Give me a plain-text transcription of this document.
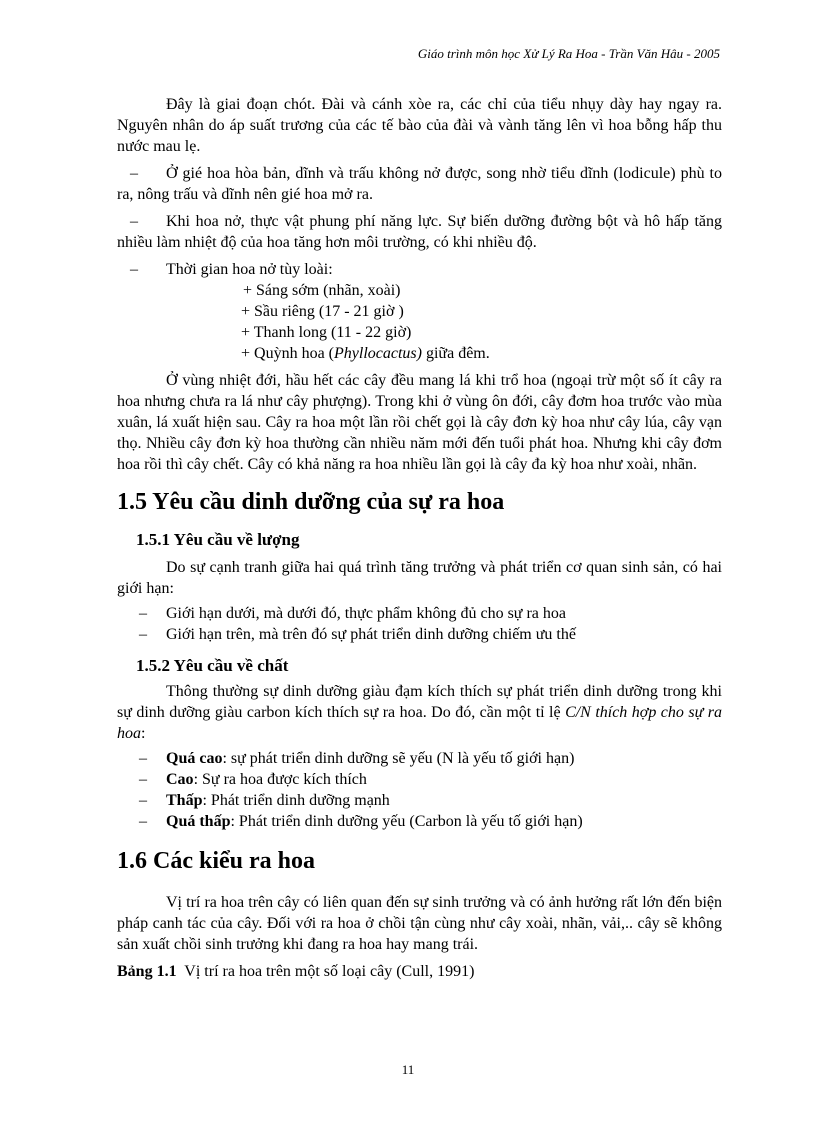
Giáo trình môn học Xử Lý Ra Hoa - Trần Văn Hâu - 2005

Đây là giai đoạn chót. Đài và cánh xòe ra, các chỉ của tiểu nhụy dày hay ngay ra. Nguyên nhân do áp suất trương của các tế bào của đài và vành tăng lên vì hoa bỗng hấp thu nước mau lẹ.

– Ở gié hoa hòa bản, dĩnh và trấu không nở được, song nhờ tiểu dĩnh (lodicule) phù to ra, nông trấu và dĩnh nên gié hoa mở ra.

– Khi hoa nở, thực vật phung phí năng lực. Sự biến dưỡng đường bột và hô hấp tăng nhiều làm nhiệt độ của hoa tăng hơn môi trường, có khi nhiều độ.

– Thời gian hoa nở tùy loài:

+ Sáng sớm (nhãn, xoài)

+ Sầu riêng (17 - 21 giờ )

+ Thanh long (11 - 22 giờ)

+ Quỳnh hoa (Phyllocactus) giữa đêm.

Ở vùng nhiệt đới, hầu hết các cây đều mang lá khi trổ hoa (ngoại trừ một số ít cây ra hoa nhưng chưa ra lá như cây phượng). Trong khi ở vùng ôn đới, cây đơm hoa trước vào mùa xuân, lá xuất hiện sau. Cây ra hoa một lần rồi chết gọi là cây đơn kỳ hoa như cây lúa, cây vạn thọ. Nhiều cây đơn kỳ hoa thường cần nhiều năm mới đến tuổi phát hoa. Nhưng khi cây đơm hoa rồi thì cây chết. Cây có khả năng ra hoa nhiều lần gọi là cây đa kỳ hoa như xoài, nhãn.

1.5 Yêu cầu dinh dưỡng của sự ra hoa
1.5.1 Yêu cầu về lượng

Do sự cạnh tranh giữa hai quá trình tăng trưởng và phát triển cơ quan sinh sản, có hai giới hạn:

– Giới hạn dưới, mà dưới đó, thực phẩm không đủ cho sự ra hoa
– Giới hạn trên, mà trên đó sự phát triển dinh dưỡng chiếm ưu thế
1.5.2 Yêu cầu về chất

Thông thường sự dinh dưỡng giàu đạm kích thích sự phát triển dinh dưỡng trong khi sự dinh dưỡng giàu carbon kích thích sự ra hoa. Do đó, cần một tỉ lệ C/N thích hợp cho sự ra hoa:

– Quá cao: sự phát triển dinh dưỡng sẽ yếu (N là yếu tố giới hạn)
– Cao: Sự ra hoa được kích thích
– Thấp: Phát triển dinh dưỡng mạnh
– Quá thấp: Phát triển dinh dưỡng yếu (Carbon là yếu tố giới hạn)
1.6 Các kiểu ra hoa

Vị trí ra hoa trên cây có liên quan đến sự sinh trưởng và có ảnh hưởng rất lớn đến biện pháp canh tác của cây. Đối với ra hoa ở chồi tận cùng như cây xoài, nhãn, vải,.. cây sẽ không sản xuất chồi sinh trưởng khi đang ra hoa hay mang trái.

Bảng 1.1  Vị trí ra hoa trên một số loại cây (Cull, 1991)

11
